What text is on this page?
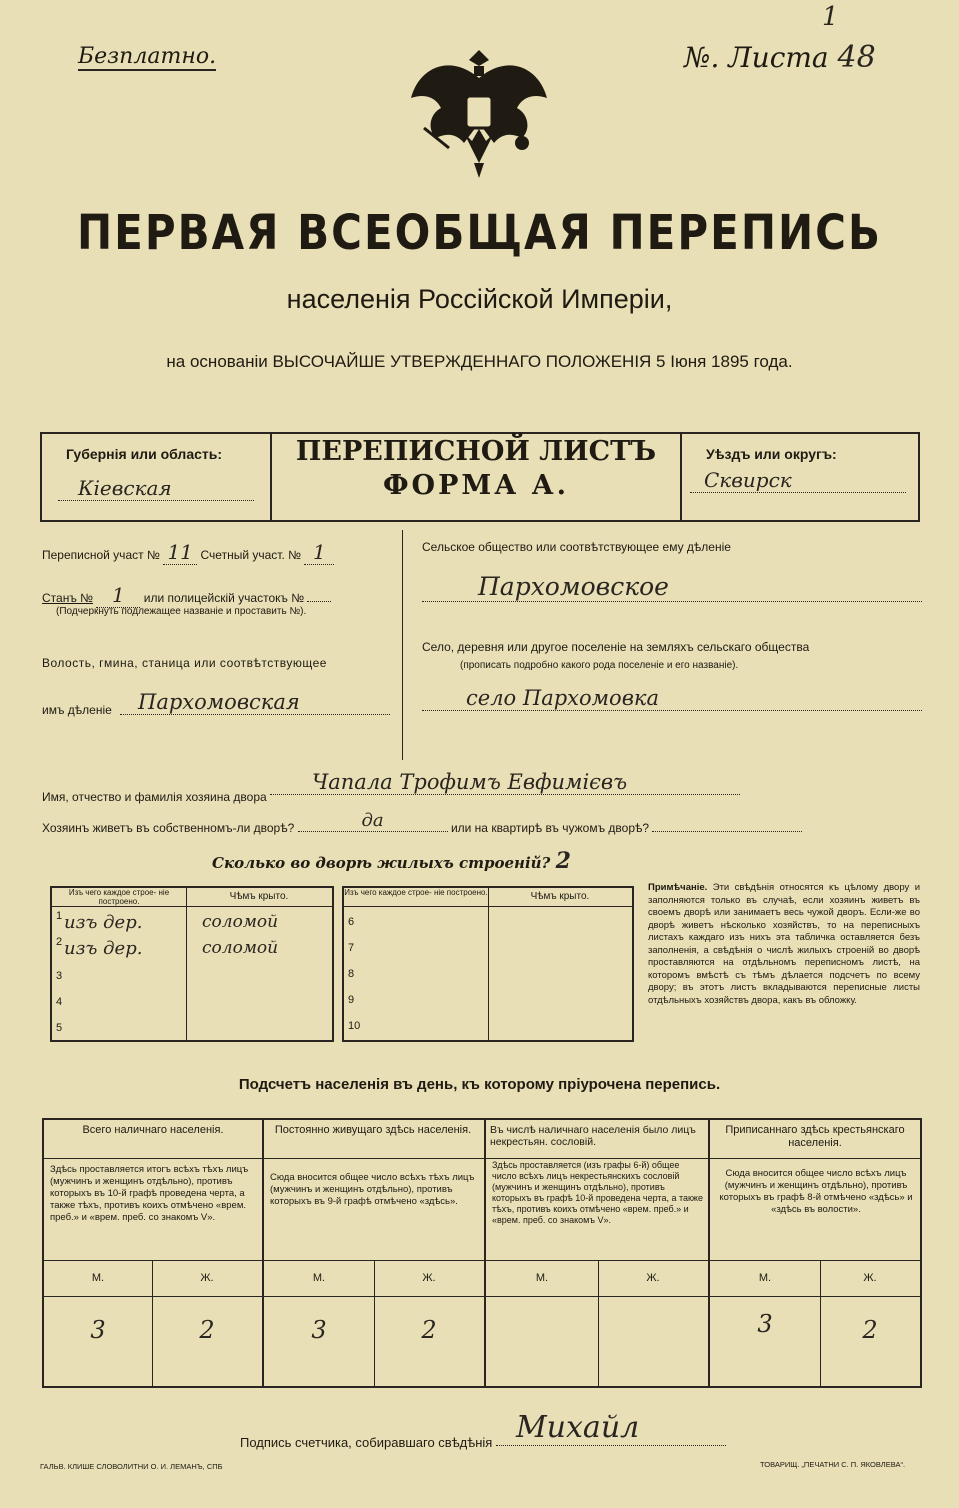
Безплатно.	№. Листа 48
1
ПЕРВАЯ ВСЕОБЩАЯ ПЕРЕПИСЬ
населенія Россійской Имперіи,
на основаніи ВЫСОЧАЙШЕ УТВЕРЖДЕННАГО ПОЛОЖЕНІЯ 5 Іюня 1895 года.
Губернія или область:
Кіевская
ПЕРЕПИСНОЙ ЛИСТЪ
ФОРМА А.
Уѣздъ или округъ:
Сквирск
Переписной участ № 11 Счетный участ. № 1
Станъ № 1 или полицейскій участокъ №
(Подчеркнуть подлежащее названіе и проставить №).
Волость, гмина, станица или соотвѣтствующее
имъ дѣленіе	Пархомовская
Сельское общество или соотвѣтствующее ему дѣленіе
Пархомовское
Село, деревня или другое поселеніе на земляхъ сельскаго общества
(прописать подробно какого рода поселеніе и его названіе).
село Пархомовка
Имя, отчество и фамилія хозяина двора Чапала Трофимъ Евфимієвъ
Хозяинъ живетъ въ собственномъ-ли дворѣ?	да	или на квартирѣ въ чужомъ дворѣ?
Сколько во дворѣ жилыхъ строеній? 2
Изъ чего каждое строе- ніе построено.	Чѣмъ крыто.
1 изъ дер.	соломой
2 изъ дер.	соломой
3
4
5
Изъ чего каждое строе- ніе построено.	Чѣмъ крыто.
6
7
8
9
10
Примѣчаніе. Эти свѣдѣнія относятся къ цѣлому двору и заполняются только въ случаѣ, если хозяинъ живетъ въ своемъ дворѣ или занимаетъ весь чужой дворъ. Если-же во дворѣ живетъ нѣсколько хозяйствъ, то на переписныхъ листахъ каждаго изъ нихъ эта табличка оставляется безъ заполненія, а свѣдѣнія о числѣ жилыхъ строеній во дворѣ проставляются на отдѣльномъ переписномъ листѣ, на которомъ вмѣстѣ съ тѣмъ дѣлается подсчетъ по всему двору; въ этотъ листъ вкладываются переписные листы отдѣльныхъ хозяйствъ двора, какъ въ обложку.
Подсчетъ населенія въ день, къ которому пріурочена перепись.
Всего наличнаго населенія.
Здѣсь проставляется итогъ всѣхъ тѣхъ лицъ (мужчинъ и женщинъ отдѣльно), противъ которыхъ въ 10-й графѣ проведена черта, а также тѣхъ, противъ коихъ отмѣчено «врем. преб.» и «врем. преб. со знакомъ V».
М.	Ж.
3	2
Постоянно живущаго здѣсь населенія.
Сюда вносится общее число всѣхъ тѣхъ лицъ (мужчинъ и женщинъ отдѣльно), противъ которыхъ въ 9-й графѣ отмѣчено «здѣсь».
М.	Ж.
3	2
Въ числѣ наличнаго населенія было лицъ некрестьян. сословій.
Здѣсь проставляется (изъ графы 6-й) общее число всѣхъ лицъ некрестьянскихъ сословій (мужчинъ и женщинъ отдѣльно), противъ которыхъ въ графѣ 10-й проведена черта, а также тѣхъ, противъ коихъ отмѣчено «врем. преб.» и «врем. преб. со знакомъ V».
М.	Ж.
Приписаннаго здѣсь крестьянскаго населенія.
Сюда вносится общее число всѣхъ лицъ (мужчинъ и женщинъ отдѣльно), противъ которыхъ въ графѣ 8-й отмѣчено «здѣсь» и «здѣсь въ волости».
М.	Ж.
3	2
Подпись счетчика, собиравшаго свѣдѣнія Михайл
ГАЛЬВ. КЛИШЕ СЛОВОЛИТНИ О. И. ЛЕМАНЪ, СПБ	ТОВАРИЩ. „ПЕЧАТНИ С. П. ЯКОВЛЕВА“.
